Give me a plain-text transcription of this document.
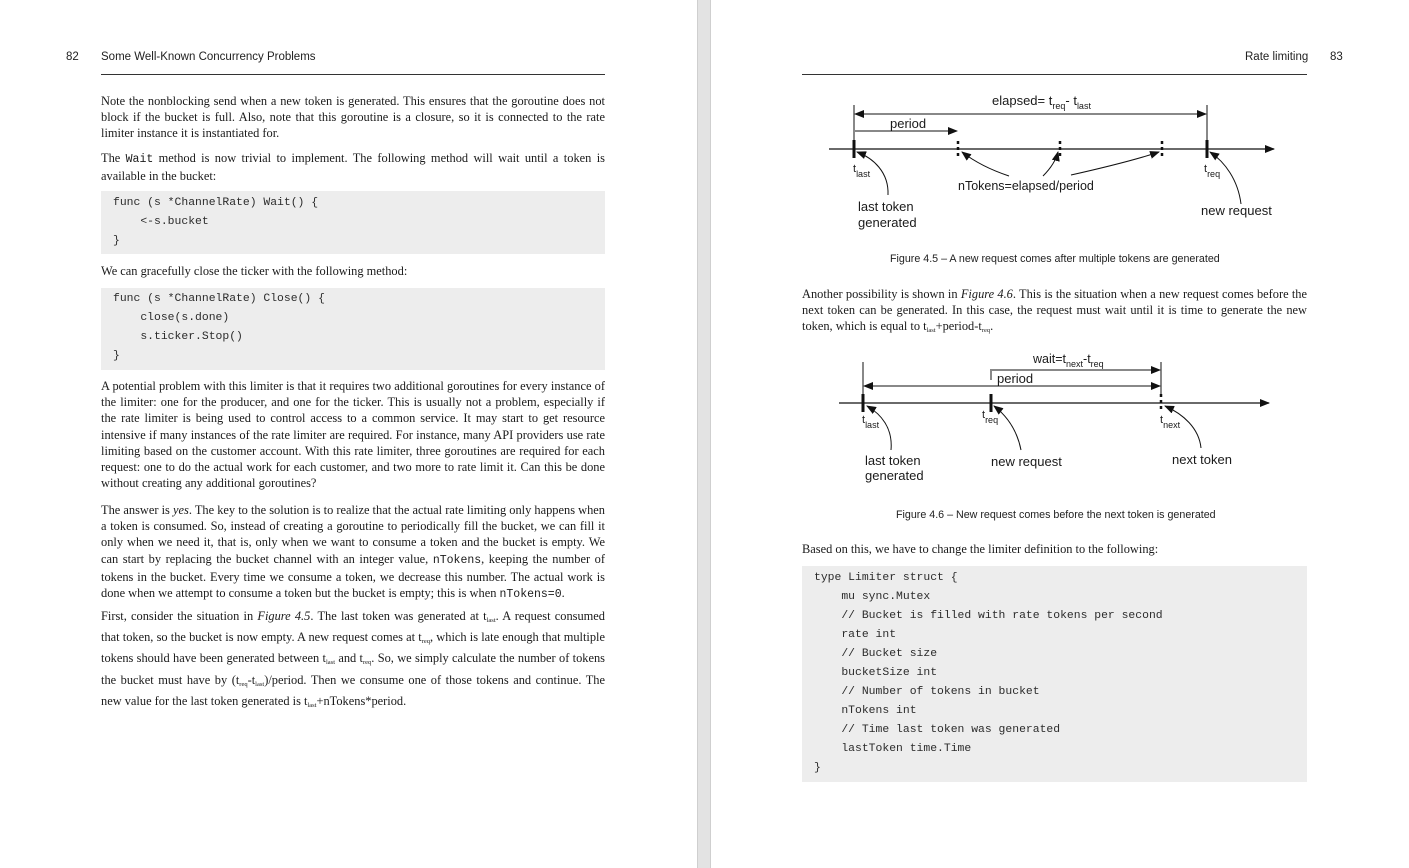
82 Some Well-Known Concurrency Problems
Note the nonblocking send when a new token is generated. This ensures that the goroutine does not block if the bucket is full. Also, note that this goroutine is a closure, so it is connected to the rate limiter instance it is instantiated for.
The Wait method is now trivial to implement. The following method will wait until a token is available in the bucket:

func (s *ChannelRate) Wait() {

<-s.bucket

}

We can gracefully close the ticker with the following method:

func (s *ChannelRate) Close() {

close(s.done)

s.ticker.Stop()

}

A potential problem with this limiter is that it requires two additional goroutines for every instance of the limiter: one for the producer, and one for the ticker. This is usually not a problem, especially if the rate limiter is being used to control access to a common service. It may start to get resource intensive if many instances of the rate limiter are required. For instance, many API providers use rate limiting based on the customer account. With this rate limiter, three goroutines are required for each request: one to do the actual work for each customer, and two more to rate limit it. Can this be done without creating any additional goroutines?
The answer is yes. The key to the solution is to realize that the actual rate limiting only happens when a token is consumed. So, instead of creating a goroutine to periodically fill the bucket, we can fill it only when we need it, that is, only when we want to consume a token and the bucket is empty. We can start by replacing the bucket channel with an integer value, nTokens, keeping the number of tokens in the bucket. Every time we consume a token, we decrease this number. The actual work is done when we attempt to consume a token but the bucket is empty; this is when nTokens=0.
First, consider the situation in Figure 4.5. The last token was generated at $t_{last}$. A request consumed that token, so the bucket is now empty. A new request comes at $t_{req}$, which is late enough that multiple tokens should have been generated between $t_{last}$ and $t_{req}$. So, we simply calculate the number of tokens the bucket must have by $(t_{req}-t_{last})$/period. Then we consume one of those tokens and continue. The new value for the last token generated is $t_{last}+nTokens*period$.
Rate limiting 83
elapsed= $t_{req}-$ $t_{last}$
period
$t_{last}$	$t_{req}$
nTokens=elapsed/period
last token
generated
new request
Figure 4.5 – A new request comes after multiple tokens are generated
Another possibility is shown in Figure 4.6. This is the situation when a new request comes before the next token can be generated. In this case, the request must wait until it is time to generate the new token, which is equal to $t_{last}+period-t_{req}$.
$wait=t_{next}-t_{req}$
period
$t_{last}$
$t_{req}$	$t_{next}$
last token
generated
new request	next token
Figure 4.6 – New request comes before the next token is generated
Based on this, we have to change the limiter definition to the following:

type Limiter struct {

mu sync.Mutex

// Bucket is filled with rate tokens per second

rate int

// Bucket size

bucketSize int

// Number of tokens in bucket

nTokens int

// Time last token was generated

lastToken time.Time

}
